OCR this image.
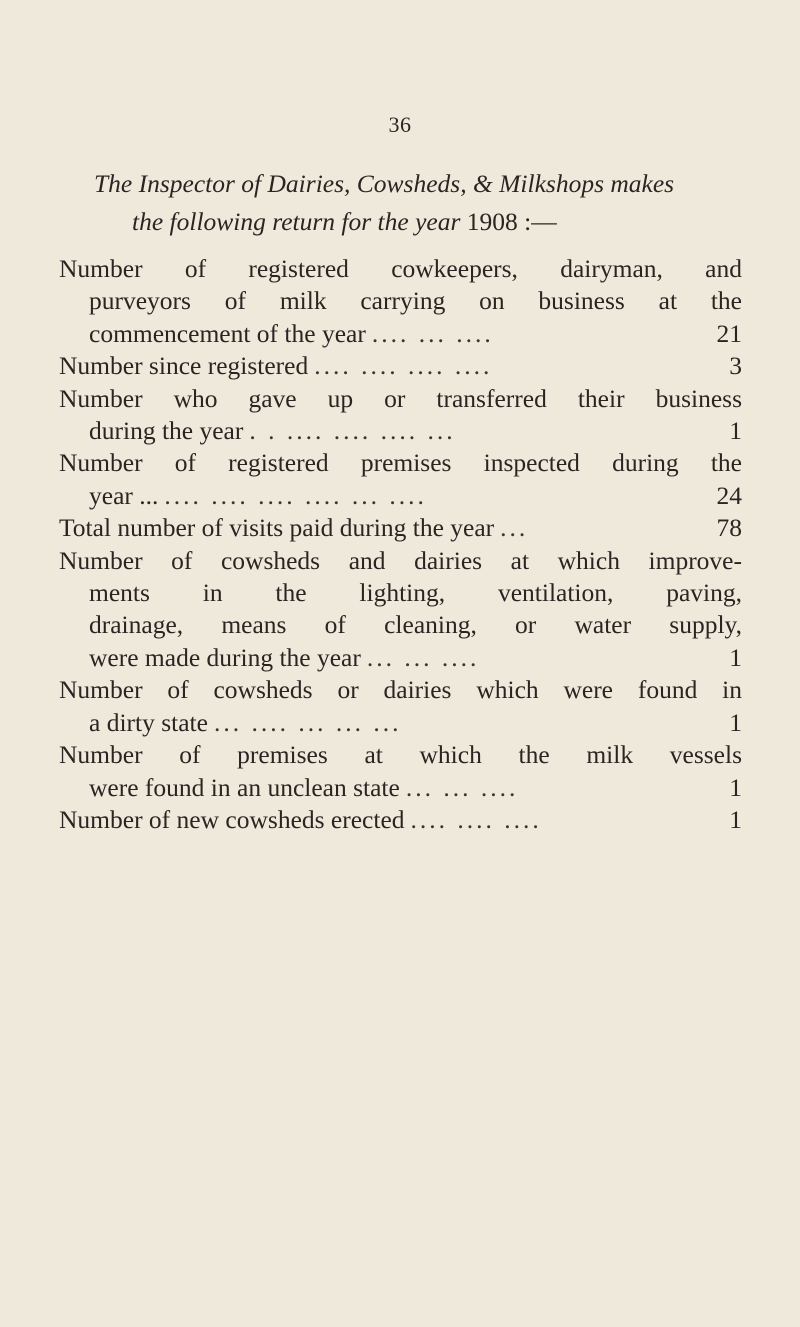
36
The Inspector of Dairies, Cowsheds, & Milkshops makes
the following return for the year 1908 :—
Number of registered cowkeepers, dairyman, and
purveyors of milk carrying on business at the
commencement of the year .... ... ....	21
Number since registered .... .... .... ....	3
Number who gave up or transferred their business
during the year . . .... .... .... ...	1
Number of registered premises inspected during the
year ... .... .... .... .... ... ....	24
Total number of visits paid during the year ...	78
Number of cowsheds and dairies at which improve-
ments in the lighting, ventilation, paving,
drainage, means of cleaning, or water supply,
were made during the year ... ... ....	1
Number of cowsheds or dairies which were found in
a dirty state ... .... ... ... ...	1
Number of premises at which the milk vessels
were found in an unclean state ... ... ....	1
Number of new cowsheds erected .... .... ....	1
